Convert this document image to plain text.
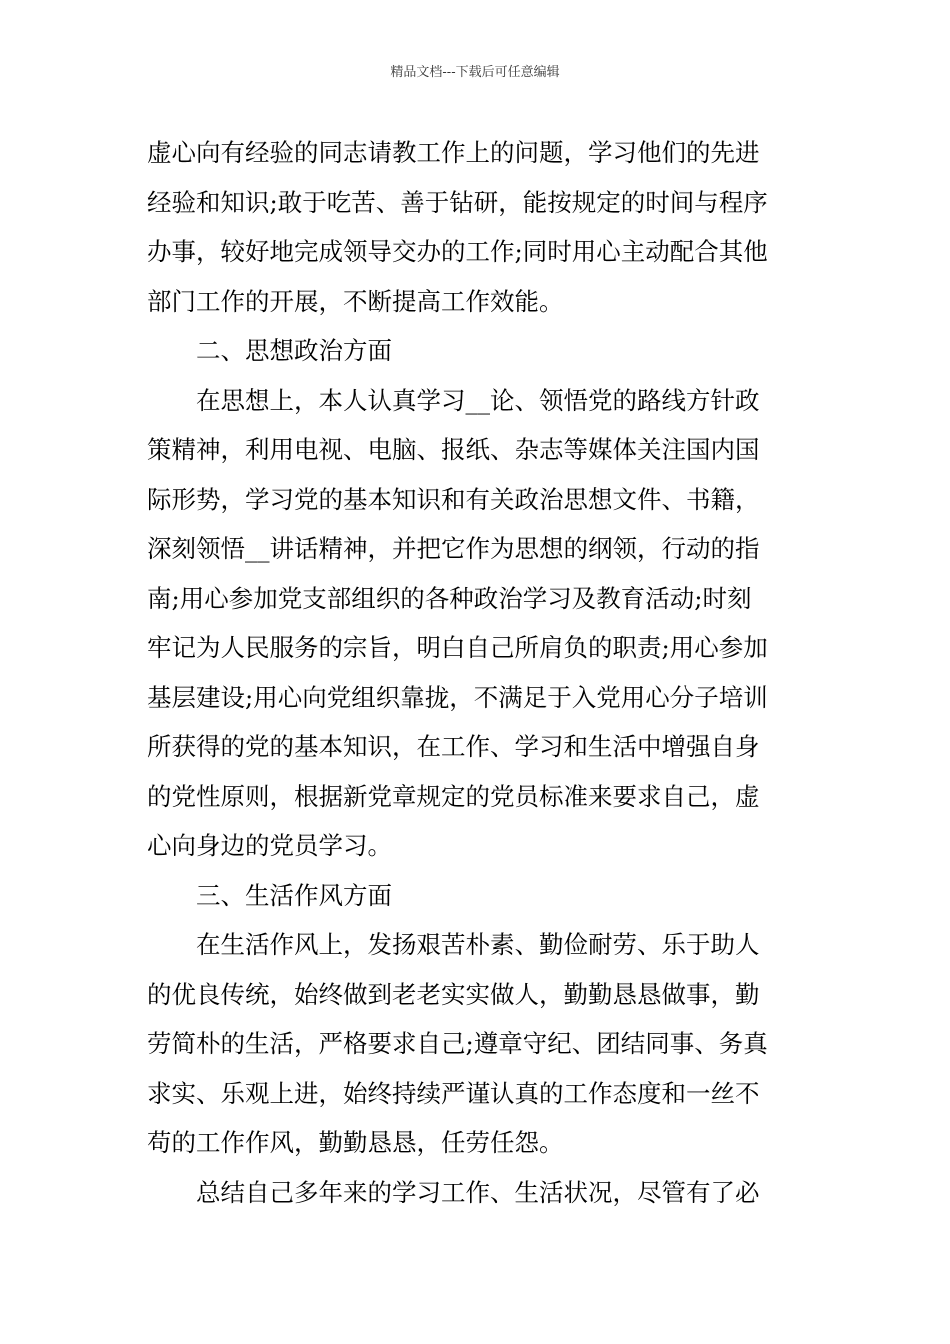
精品文档---下载后可任意编辑
虚心向有经验的同志请教工作上的问题，学习他们的先进
经验和知识;敢于吃苦、善于钻研，能按规定的时间与程序
办事，较好地完成领导交办的工作;同时用心主动配合其他
部门工作的开展，不断提高工作效能。
二、思想政治方面
在思想上，本人认真学习__论、领悟党的路线方针政
策精神，利用电视、电脑、报纸、杂志等媒体关注国内国
际形势，学习党的基本知识和有关政治思想文件、书籍，
深刻领悟__讲话精神，并把它作为思想的纲领，行动的指
南;用心参加党支部组织的各种政治学习及教育活动;时刻
牢记为人民服务的宗旨，明白自己所肩负的职责;用心参加
基层建设;用心向党组织靠拢，不满足于入党用心分子培训
所获得的党的基本知识，在工作、学习和生活中增强自身
的党性原则，根据新党章规定的党员标准来要求自己，虚
心向身边的党员学习。
三、生活作风方面
在生活作风上，发扬艰苦朴素、勤俭耐劳、乐于助人
的优良传统，始终做到老老实实做人，勤勤恳恳做事，勤
劳简朴的生活，严格要求自己;遵章守纪、团结同事、务真
求实、乐观上进，始终持续严谨认真的工作态度和一丝不
苟的工作作风，勤勤恳恳，任劳任怨。
总结自己多年来的学习工作、生活状况，尽管有了必
